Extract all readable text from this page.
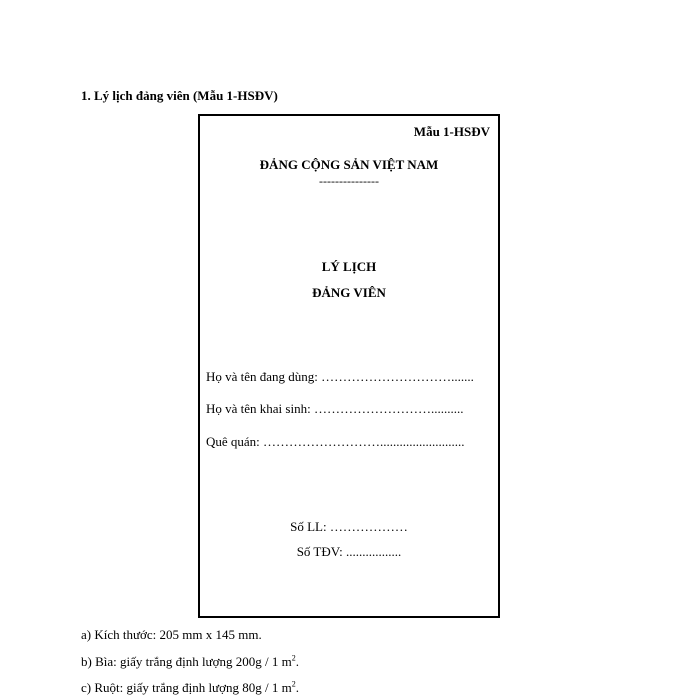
1. Lý lịch đảng viên (Mẫu 1-HSĐV)
Mẫu 1-HSĐV
ĐẢNG CỘNG SẢN VIỆT NAM
---------------
LÝ LỊCH
ĐẢNG VIÊN
Họ và tên đang dùng: ………………………….......
Họ và tên khai sinh: ………………………..........
Quê quán: ………………………..........................
Số LL: ………………
Số TĐV: .................
a) Kích thước: 205 mm x 145 mm.
b) Bìa: giấy trắng định lượng 200g / 1 $m^2$.
c) Ruột: giấy trắng định lượng 80g / 1 $m^2$.
